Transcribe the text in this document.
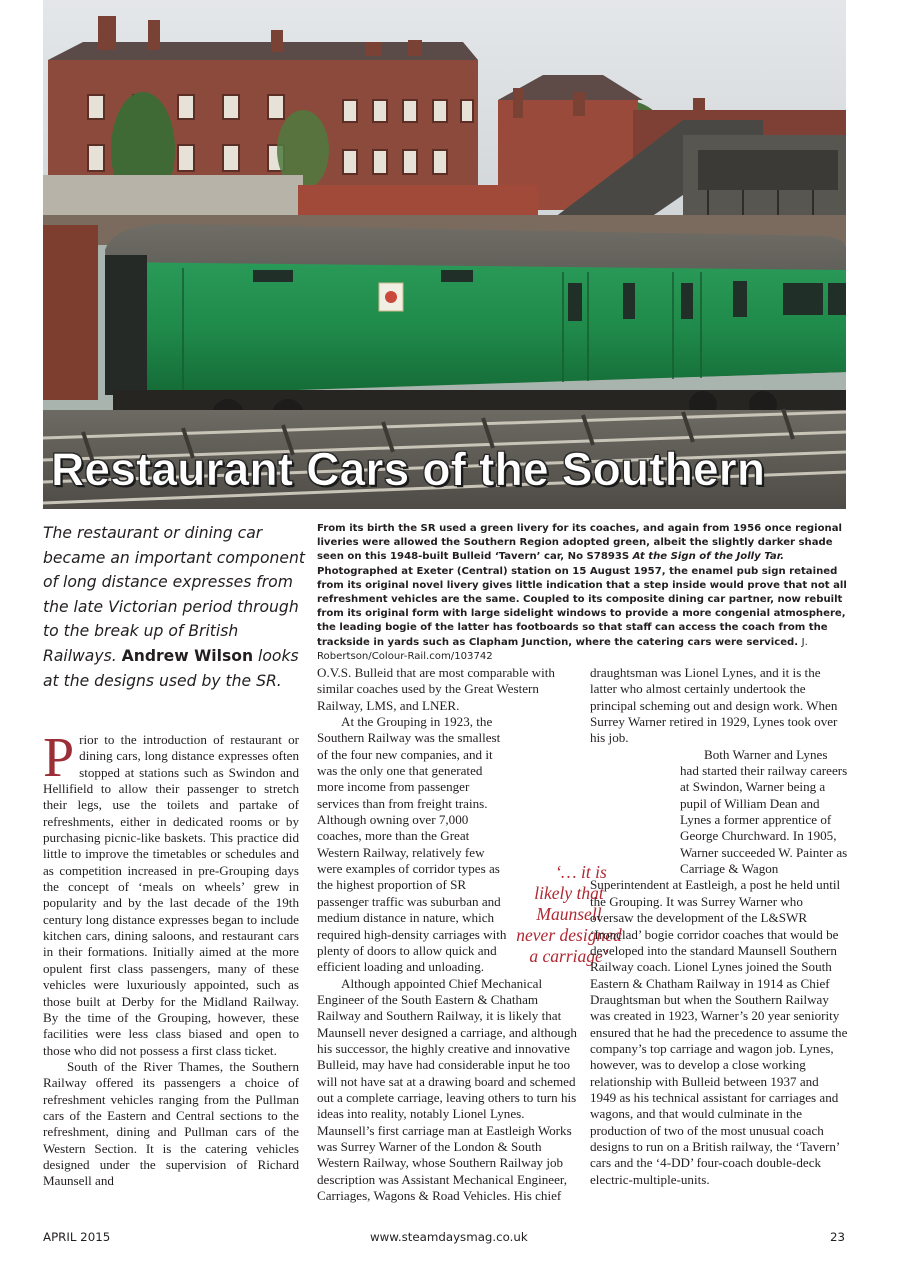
Restaurant Cars of the Southern
The restaurant or dining car became an important component of long distance expresses from the late Victorian period through to the break up of British Railways. Andrew Wilson looks at the designs used by the SR.
From its birth the SR used a green livery for its coaches, and again from 1956 once regional liveries were allowed the Southern Region adopted green, albeit the slightly darker shade seen on this 1948-built Bulleid ‘Tavern’ car, No S7893S At the Sign of the Jolly Tar. Photographed at Exeter (Central) station on 15 August 1957, the enamel pub sign retained from its original novel livery gives little indication that a step inside would prove that not all refreshment vehicles are the same. Coupled to its composite dining car partner, now rebuilt from its original form with large sidelight windows to provide a more congenial atmosphere, the leading bogie of the latter has footboards so that staff can access the coach from the trackside in yards such as Clapham Junction, where the catering cars were serviced. J. Robertson/Colour-Rail.com/103742

Prior to the introduction of restaurant or dining cars, long distance expresses often stopped at stations such as Swindon and Hellifield to allow their passenger to stretch their legs, use the toilets and partake of refreshments, either in dedicated rooms or by purchasing picnic-like baskets. This practice did little to improve the timetables or schedules and as competition increased in pre-Grouping days the concept of ‘meals on wheels’ grew in popularity and by the last decade of the 19th century long distance expresses began to include kitchen cars, dining saloons, and restaurant cars in their formations. Initially aimed at the more opulent first class passengers, many of these vehicles were luxuriously appointed, such as those built at Derby for the Midland Railway. By the time of the Grouping, however, these facilities were less class biased and open to those who did not possess a first class ticket.

South of the River Thames, the Southern Railway offered its passengers a choice of refreshment vehicles ranging from the Pullman cars of the Eastern and Central sections to the refreshment, dining and Pullman cars of the Western Section. It is the catering vehicles designed under the supervision of Richard Maunsell and

O.V.S. Bulleid that are most comparable with similar coaches used by the Great Western Railway, LMS, and LNER.

‘… it is likely that Maunsell never designed a carriage’
At the Grouping in 1923, the Southern Railway was the smallest of the four new companies, and it was the only one that generated more income from passenger services than from freight trains. Although owning over 7,000 coaches, more than the Great Western Railway, relatively few were examples of corridor types as the highest proportion of SR passenger traffic was suburban and medium distance in nature, which required high-density carriages with plenty of doors to allow quick and efficient loading and unloading.

Although appointed Chief Mechanical Engineer of the South Eastern & Chatham Railway and Southern Railway, it is likely that Maunsell never designed a carriage, and although his successor, the highly creative and innovative Bulleid, may have had considerable input he too will not have sat at a drawing board and schemed out a complete carriage, leaving others to turn his ideas into reality, notably Lionel Lynes. Maunsell’s first carriage man at Eastleigh Works was Surrey Warner of the London & South Western Railway, whose Southern Railway job description was Assistant Mechanical Engineer, Carriages, Wagons & Road Vehicles. His chief

draughtsman was Lionel Lynes, and it is the latter who almost certainly undertook the principal scheming out and design work. When Surrey Warner retired in 1929, Lynes took over his job.

Both Warner and Lynes had started their railway careers at Swindon, Warner being a pupil of William Dean and Lynes a former apprentice of George Churchward. In 1905, Warner succeeded W. Painter as Carriage & Wagon Superintendent at Eastleigh, a post he held until the Grouping. It was Surrey Warner who oversaw the development of the L&SWR ‘Ironclad’ bogie corridor coaches that would be developed into the standard Maunsell Southern Railway coach. Lionel Lynes joined the South Eastern & Chatham Railway in 1914 as Chief Draughtsman but when the Southern Railway was created in 1923, Warner’s 20 year seniority ensured that he had the precedence to assume the company’s top carriage and wagon job. Lynes, however, was to develop a close working relationship with Bulleid between 1937 and 1949 as his technical assistant for carriages and wagons, and that would culminate in the production of two of the most unusual coach designs to run on a British railway, the ‘Tavern’ cars and the ‘4-DD’ four-coach double-deck electric-multiple-units.

APRIL 2015	www.steamdaysmag.co.uk	23
